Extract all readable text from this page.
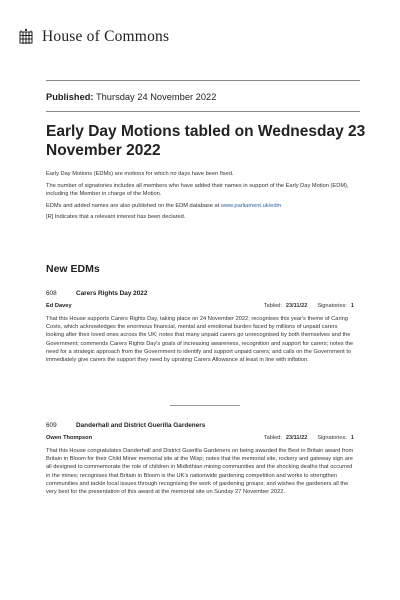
House of Commons
Published: Thursday 24 November 2022
Early Day Motions tabled on Wednesday 23 November 2022

Early Day Motions (EDMs) are motions for which no days have been fixed.

The number of signatories includes all members who have added their names in support of the Early Day Motion (EDM), including the Member in charge of the Motion.

EDMs and added names are also published on the EDM database at www.parliament.uk/edm

[R] Indicates that a relevant interest has been declared.

New EDMs
608	Carers Rights Day 2022
Tabled: 23/11/22 Signatories: 1
Ed Davey
That this House supports Carers Rights Day, taking place on 24 November 2022; recognises this year's theme of Caring Costs, which acknowledges the enormous financial, mental and emotional burden faced by millions of unpaid carers looking after their loved ones across the UK; notes that many unpaid carers go unrecognised by both themselves and the Government; commends Carers Rights Day's goals of increasing awareness, recognition and support for carers; notes the need for a strategic approach from the Government to identify and support unpaid carers; and calls on the Government to immediately give carers the support they need by uprating Carers Allowance at least in line with inflation.
609	Danderhall and District Guerilla Gardeners
Tabled: 23/11/22 Signatories: 1
Owen Thompson
That this House congratulates Danderhall and District Guerilla Gardeners on being awarded the Best in Britain award from Britain in Bloom for their Child Miner memorial site at the Wisp; notes that the memorial site, rockery and gateway sign are all designed to commemorate the role of children in Midlothian mining communities and the shocking deaths that occurred in the mines; recognises that Britain in Bloom is the UK's nationwide gardening competition and works to strengthen communities and tackle local issues through recognising the work of gardening groups; and wishes the gardeners all the very best for the presentation of this award at the memorial site on Sunday 27 November 2022.
